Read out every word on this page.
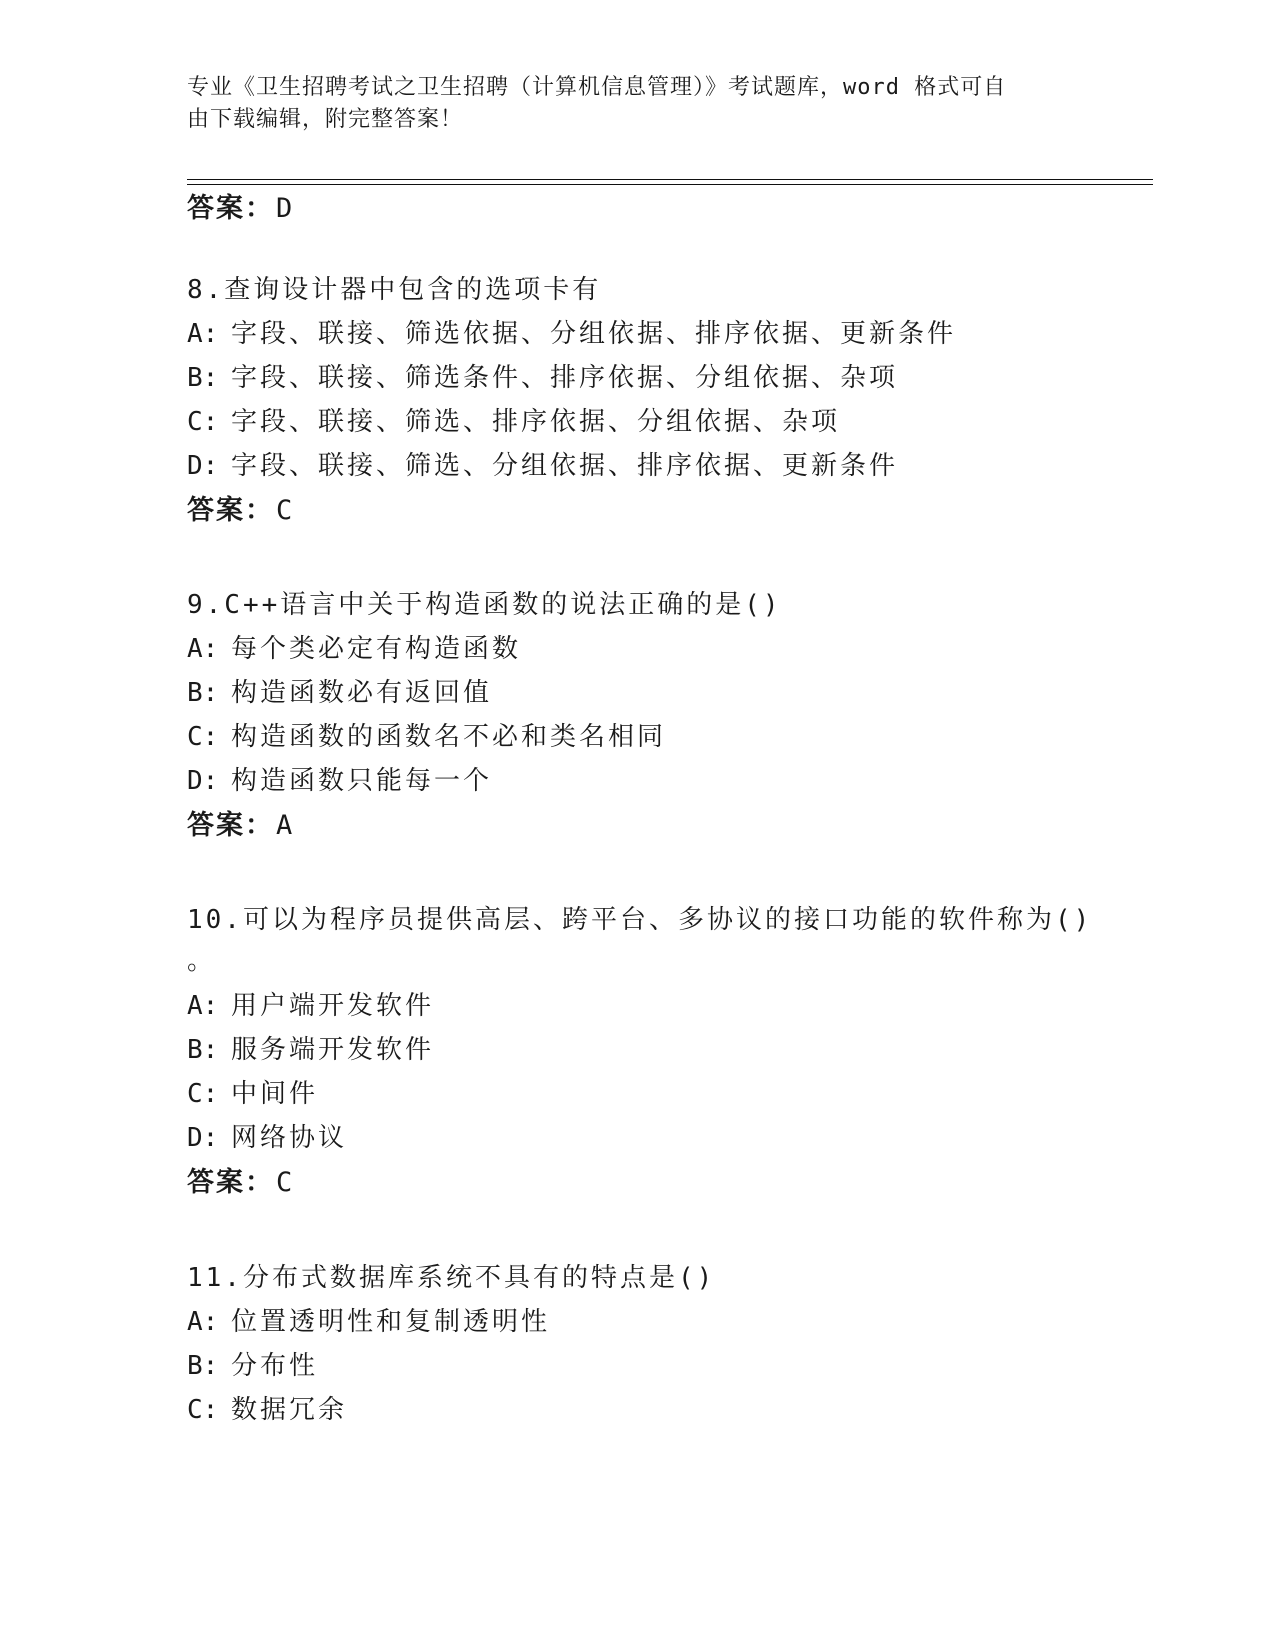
专业《卫生招聘考试之卫生招聘（计算机信息管理）》考试题库，word 格式可自
由下载编辑，附完整答案！
答案：D
8.查询设计器中包含的选项卡有
A: 字段、联接、筛选依据、分组依据、排序依据、更新条件
B: 字段、联接、筛选条件、排序依据、分组依据、杂项
C: 字段、联接、筛选、排序依据、分组依据、杂项
D: 字段、联接、筛选、分组依据、排序依据、更新条件
答案：C
9.C++语言中关于构造函数的说法正确的是()
A: 每个类必定有构造函数
B: 构造函数必有返回值
C: 构造函数的函数名不必和类名相同
D: 构造函数只能每一个
答案：A
10.可以为程序员提供高层、跨平台、多协议的接口功能的软件称为()
。
A: 用户端开发软件
B: 服务端开发软件
C: 中间件
D: 网络协议
答案：C
11.分布式数据库系统不具有的特点是()
A: 位置透明性和复制透明性
B: 分布性
C: 数据冗余
